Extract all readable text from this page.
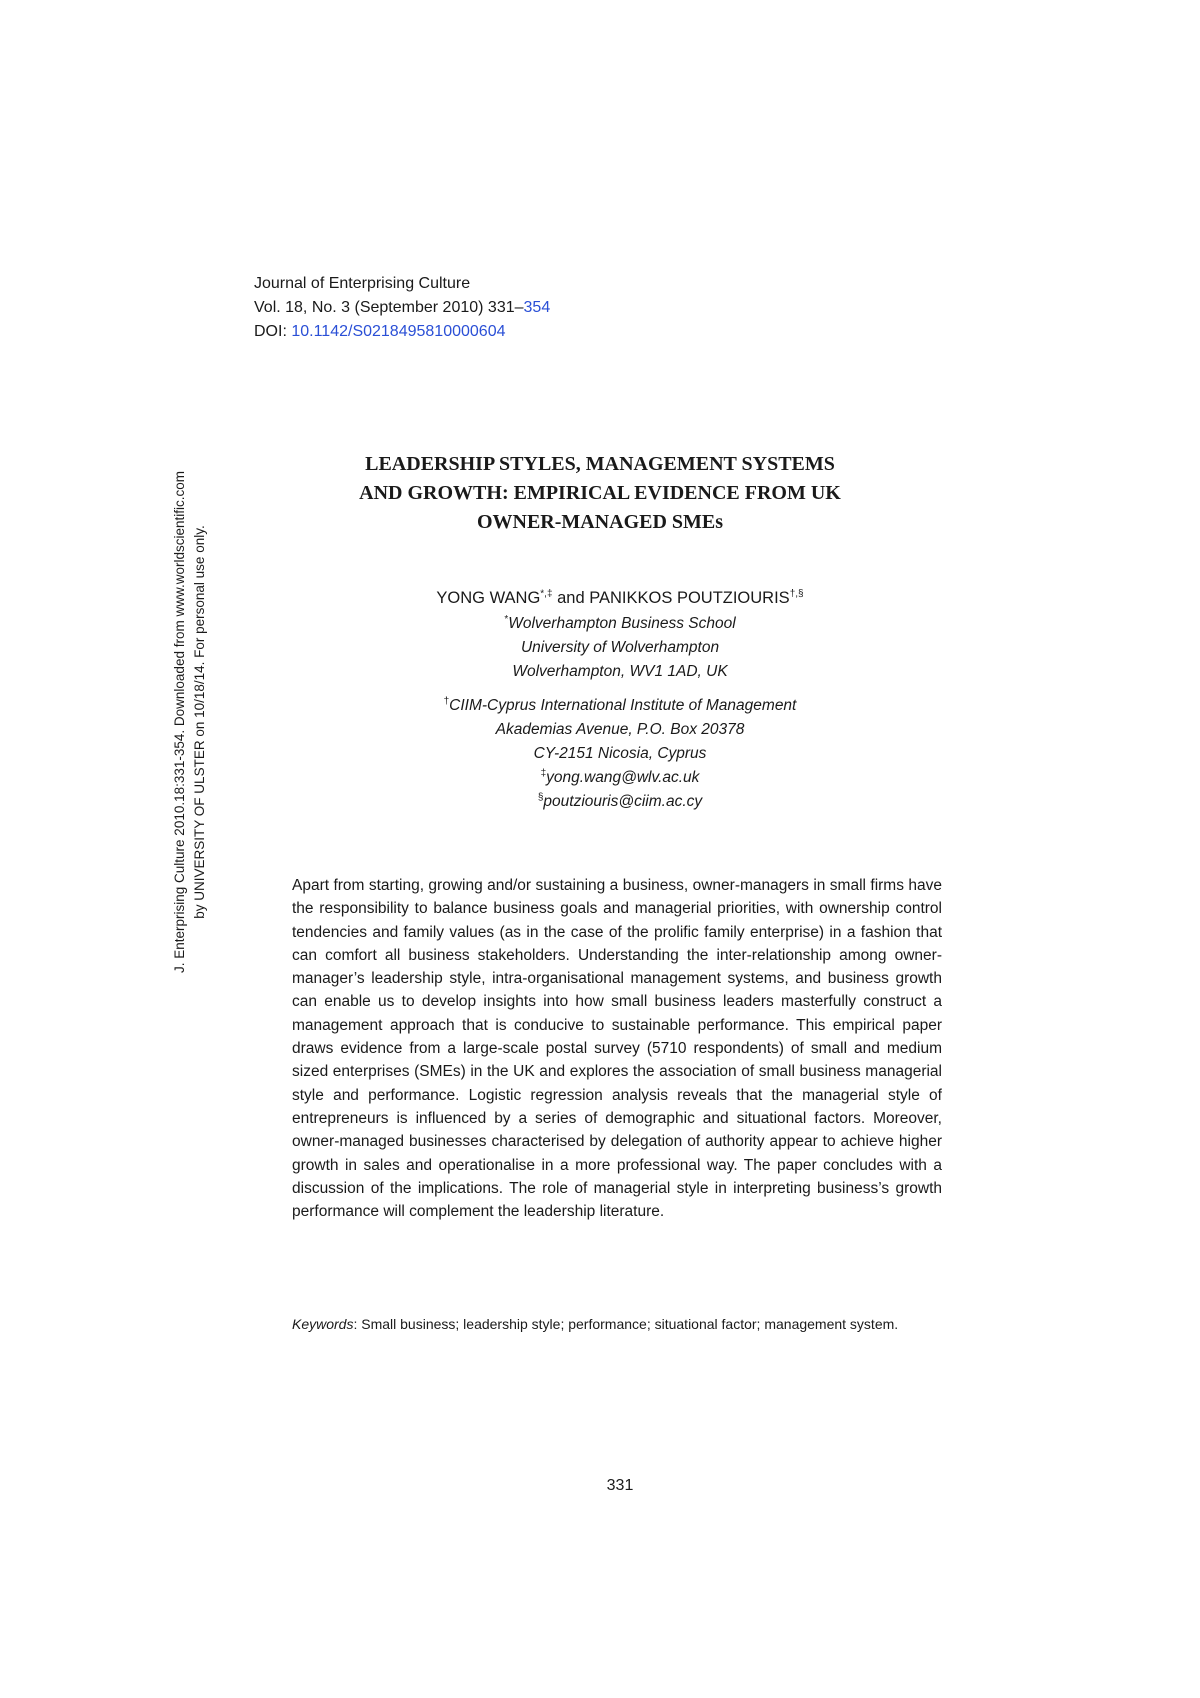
Journal of Enterprising Culture
Vol. 18, No. 3 (September 2010) 331–354
DOI: 10.1142/S0218495810000604
LEADERSHIP STYLES, MANAGEMENT SYSTEMS
AND GROWTH: EMPIRICAL EVIDENCE FROM UK
OWNER-MANAGED SMEs
YONG WANG*,‡ and PANIKKOS POUTZIOURIS†,§
*Wolverhampton Business School
University of Wolverhampton
Wolverhampton, WV1 1AD, UK
†CIIM-Cyprus International Institute of Management
Akademias Avenue, P.O. Box 20378
CY-2151 Nicosia, Cyprus
‡yong.wang@wlv.ac.uk
§poutziouris@ciim.ac.cy
Apart from starting, growing and/or sustaining a business, owner-managers in small firms have the responsibility to balance business goals and managerial priorities, with ownership control tendencies and family values (as in the case of the prolific family enterprise) in a fashion that can comfort all business stakeholders. Understanding the inter-relationship among owner-manager’s leadership style, intra-organisational management systems, and business growth can enable us to develop insights into how small business leaders masterfully construct a management approach that is conducive to sustainable performance. This empirical paper draws evidence from a large-scale postal survey (5710 respondents) of small and medium sized enterprises (SMEs) in the UK and explores the association of small business managerial style and performance. Logistic regression analysis reveals that the managerial style of entrepreneurs is influenced by a series of demographic and situational factors. Moreover, owner-managed businesses characterised by delegation of authority appear to achieve higher growth in sales and operationalise in a more professional way. The paper concludes with a discussion of the implications. The role of managerial style in interpreting business’s growth performance will complement the leadership literature.
Keywords: Small business; leadership style; performance; situational factor; management system.
331
J. Enterprising Culture 2010.18:331-354. Downloaded from www.worldscientific.com by UNIVERSITY OF ULSTER on 10/18/14. For personal use only.
